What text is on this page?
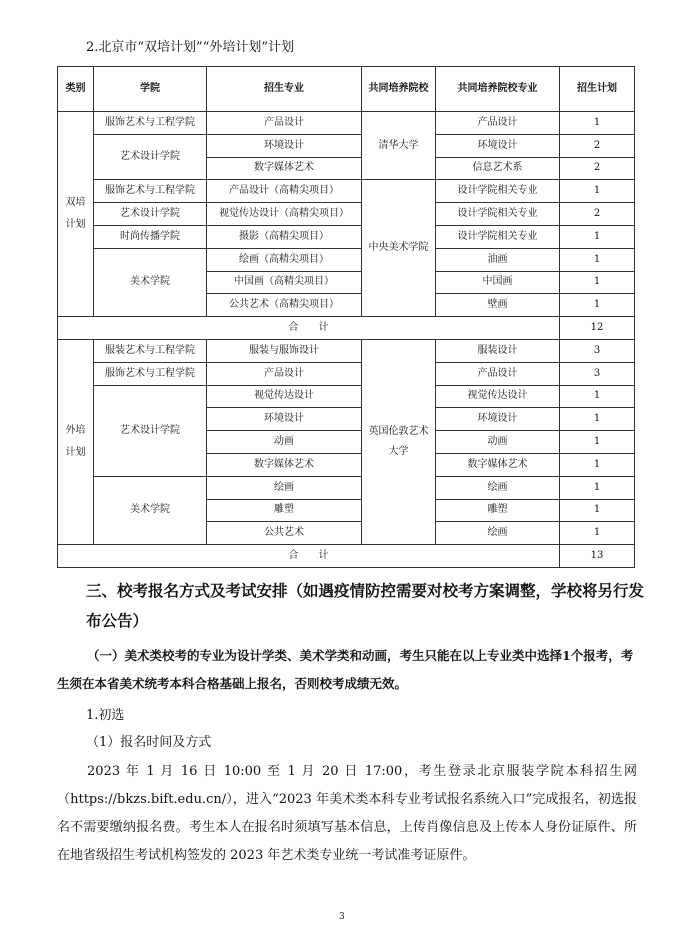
2.北京市“双培计划”“外培计划”计划
类别	学院	招生专业	共同培养院校	共同培养院校专业	招生计划
双培计划	服饰艺术与工程学院	产品设计	清华大学	产品设计	1
	艺术设计学院	环境设计		环境设计	2
		数字媒体艺术		信息艺术系	2
	服饰艺术与工程学院	产品设计（高精尖项目）	中央美术学院	设计学院相关专业	1
	艺术设计学院	视觉传达设计（高精尖项目）		设计学院相关专业	2
	时尚传播学院	摄影（高精尖项目）		设计学院相关专业	1
	美术学院	绘画（高精尖项目）		油画	1
		中国画（高精尖项目）		中国画	1
		公共艺术（高精尖项目）		壁画	1
合　　计					12
外培计划	服装艺术与工程学院	服装与服饰设计	英国伦敦艺术大学	服装设计	3
	服饰艺术与工程学院	产品设计		产品设计	3
	艺术设计学院	视觉传达设计		视觉传达设计	1
		环境设计		环境设计	1
		动画		动画	1
		数字媒体艺术		数字媒体艺术	1
	美术学院	绘画		绘画	1
		雕塑		雕塑	1
		公共艺术		绘画	1
合　　计					13
三、校考报名方式及考试安排（如遇疫情防控需要对校考方案调整，学校将另行发布公告）
（一）美术类校考的专业为设计学类、美术学类和动画，考生只能在以上专业类中选择1个报考，考生须在本省美术统考本科合格基础上报名，否则校考成绩无效。
1.初选
（1）报名时间及方式
2023 年 1 月 16 日 10:00 至 1 月 20 日 17:00，考生登录北京服装学院本科招生网（https://bkzs.bift.edu.cn/），进入“2023 年美术类本科专业考试报名系统入口”完成报名，初选报名不需要缴纳报名费。考生本人在报名时须填写基本信息，上传肖像信息及上传本人身份证原件、所在地省级招生考试机构签发的 2023 年艺术类专业统一考试准考证原件。
3
